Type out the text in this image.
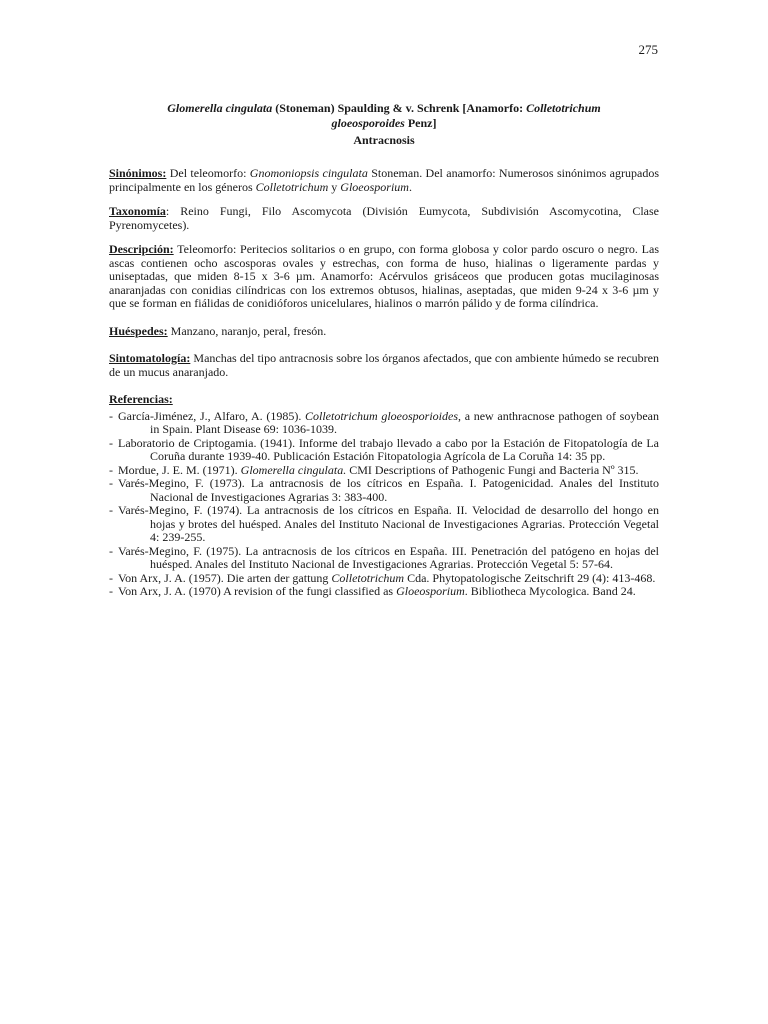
275
Glomerella cingulata (Stoneman) Spaulding & v. Schrenk [Anamorfo: Colletotrichum
gloeosporoides Penz]
Antracnosis
Sinónimos: Del teleomorfo: Gnomoniopsis cingulata Stoneman. Del anamorfo: Numerosos sinónimos agrupados principalmente en los géneros Colletotrichum y Gloeosporium.
Taxonomía: Reino Fungi, Filo Ascomycota (División Eumycota, Subdivisión Ascomycotina, Clase Pyrenomycetes).
Descripción: Teleomorfo: Peritecios solitarios o en grupo, con forma globosa y color pardo oscuro o negro. Las ascas contienen ocho ascosporas ovales y estrechas, con forma de huso, hialinas o ligeramente pardas y uniseptadas, que miden 8-15 x 3-6 µm. Anamorfo: Acérvulos grisáceos que producen gotas mucilaginosas anaranjadas con conidias cilíndricas con los extremos obtusos, hialinas, aseptadas, que miden 9-24 x 3-6 µm y que se forman en fiálidas de conidióforos unicelulares, hialinos o marrón pálido y de forma cilíndrica.
Huéspedes: Manzano, naranjo, peral, fresón.
Sintomatología: Manchas del tipo antracnosis sobre los órganos afectados, que con ambiente húmedo se recubren de un mucus anaranjado.
Referencias:
- García-Jiménez, J., Alfaro, A. (1985). Colletotrichum gloeosporioides, a new anthracnose pathogen of soybean in Spain. Plant Disease 69: 1036-1039.
- Laboratorio de Criptogamia. (1941). Informe del trabajo llevado a cabo por la Estación de Fitopatología de La Coruña durante 1939-40. Publicación Estación Fitopatologia Agrícola de La Coruña 14: 35 pp.
- Mordue, J. E. M. (1971). Glomerella cingulata. CMI Descriptions of Pathogenic Fungi and Bacteria Nº 315.
- Varés-Megino, F. (1973). La antracnosis de los cítricos en España. I. Patogenicidad. Anales del Instituto Nacional de Investigaciones Agrarias 3: 383-400.
- Varés-Megino, F. (1974). La antracnosis de los cítricos en España. II. Velocidad de desarrollo del hongo en hojas y brotes del huésped. Anales del Instituto Nacional de Investigaciones Agrarias. Protección Vegetal 4: 239-255.
- Varés-Megino, F. (1975). La antracnosis de los cítricos en España. III. Penetración del patógeno en hojas del huésped. Anales del Instituto Nacional de Investigaciones Agrarias. Protección Vegetal 5: 57-64.
- Von Arx, J. A. (1957). Die arten der gattung Colletotrichum Cda. Phytopatologische Zeitschrift 29 (4): 413-468.
- Von Arx, J. A. (1970) A revision of the fungi classified as Gloeosporium. Bibliotheca Mycologica. Band 24.
